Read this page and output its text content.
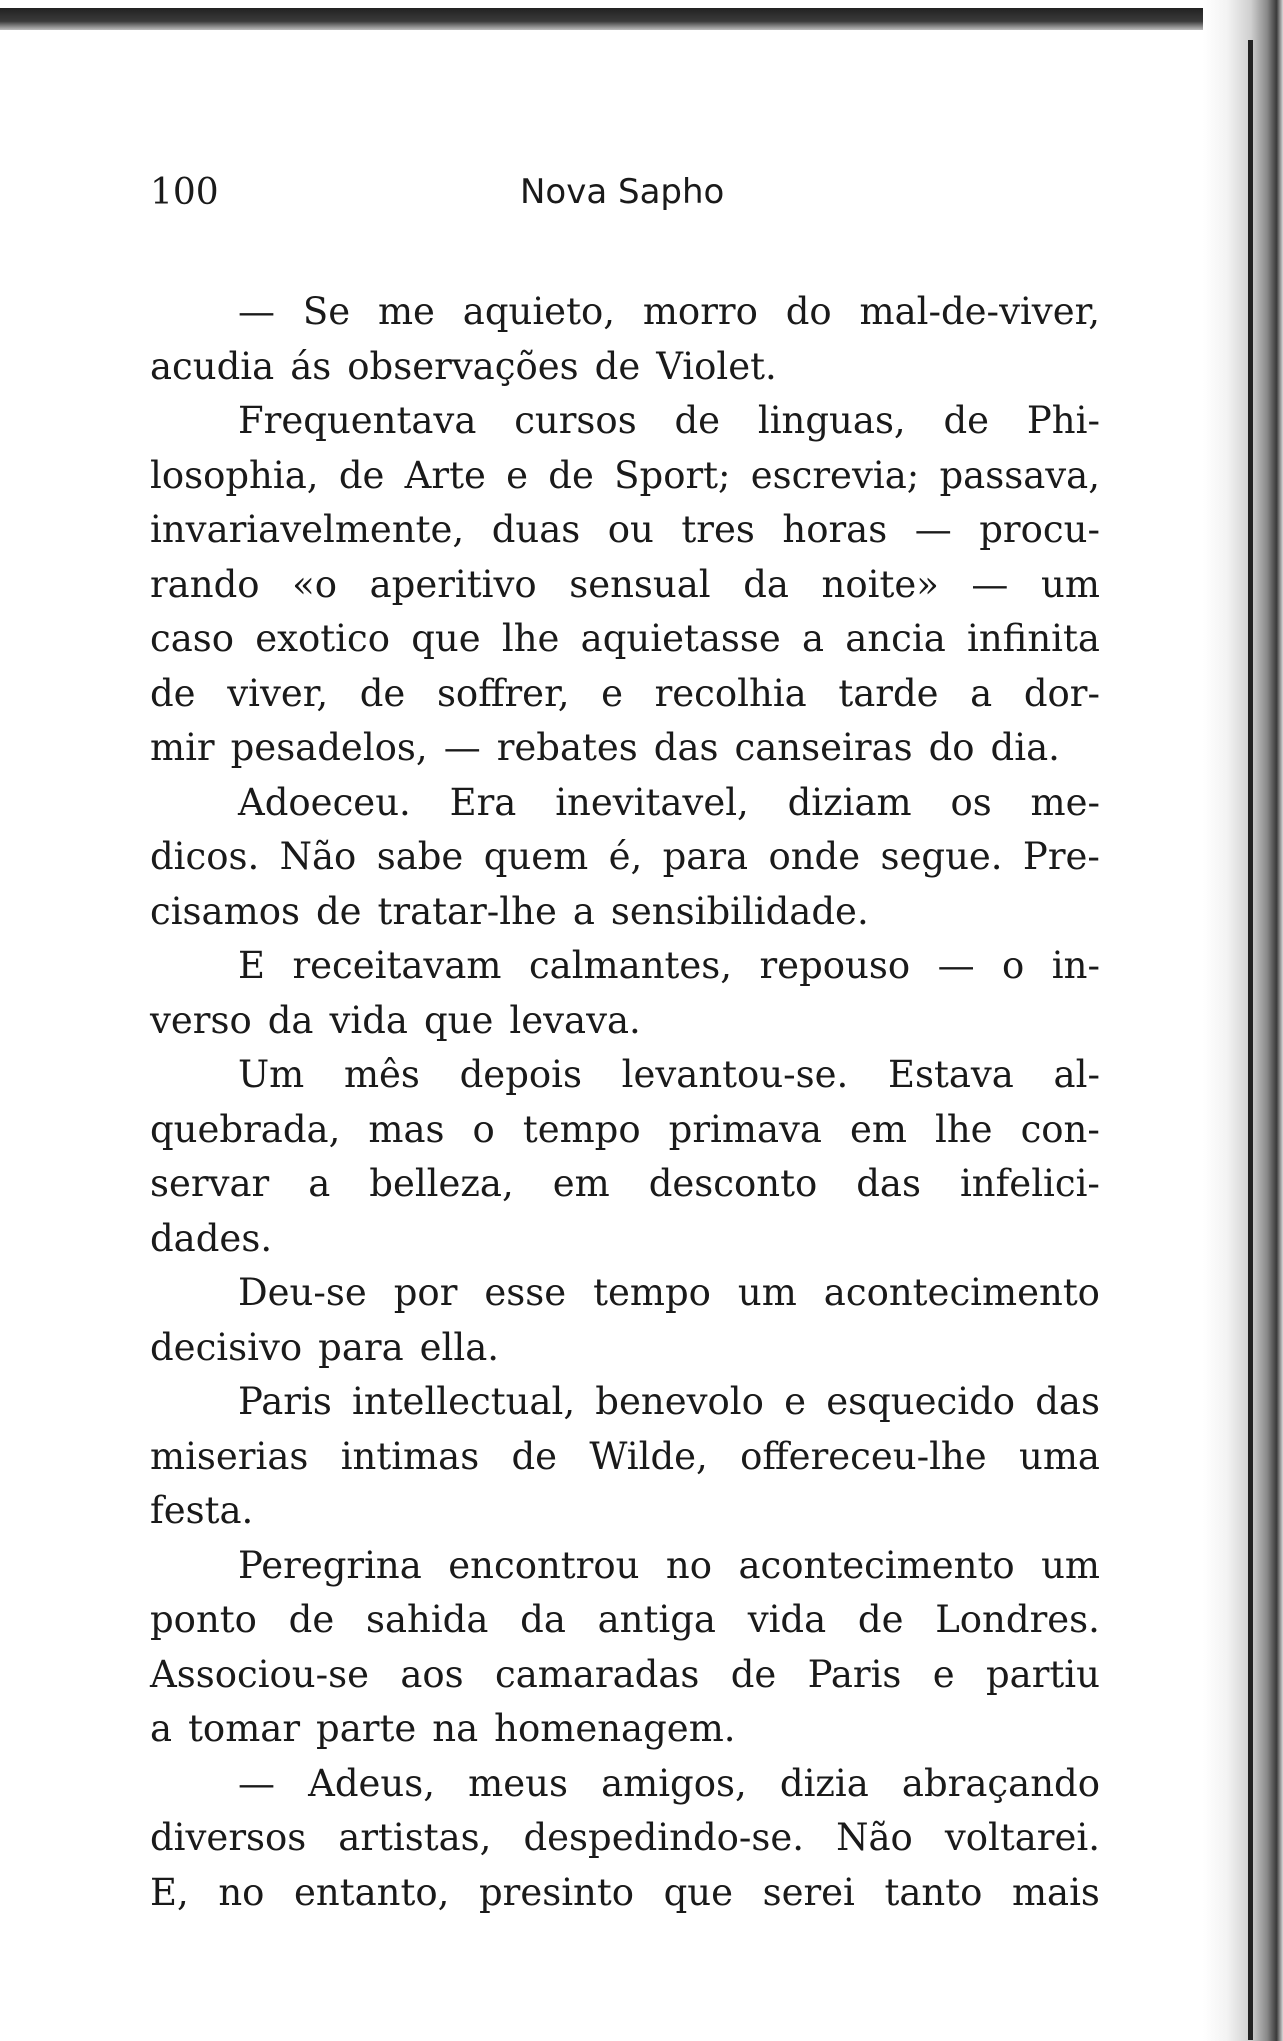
100	Nova Sapho
— Se me aquieto, morro do mal-de-viver,
acudia ás observações de Violet.
Frequentava cursos de linguas, de Phi-
losophia, de Arte e de Sport; escrevia; passava,
invariavelmente, duas ou tres horas — procu-
rando «o aperitivo sensual da noite» — um
caso exotico que lhe aquietasse a ancia infinita
de viver, de soffrer, e recolhia tarde a dor-
mir pesadelos, — rebates das canseiras do dia.
Adoeceu. Era inevitavel, diziam os me-
dicos. Não sabe quem é, para onde segue. Pre-
cisamos de tratar-lhe a sensibilidade.
E receitavam calmantes, repouso — o in-
verso da vida que levava.
Um mês depois levantou-se. Estava al-
quebrada, mas o tempo primava em lhe con-
servar a belleza, em desconto das infelici-
dades.
Deu-se por esse tempo um acontecimento
decisivo para ella.
Paris intellectual, benevolo e esquecido das
miserias intimas de Wilde, offereceu-lhe uma
festa.
Peregrina encontrou no acontecimento um
ponto de sahida da antiga vida de Londres.
Associou-se aos camaradas de Paris e partiu
a tomar parte na homenagem.
— Adeus, meus amigos, dizia abraçando
diversos artistas, despedindo-se. Não voltarei.
E, no entanto, presinto que serei tanto mais
